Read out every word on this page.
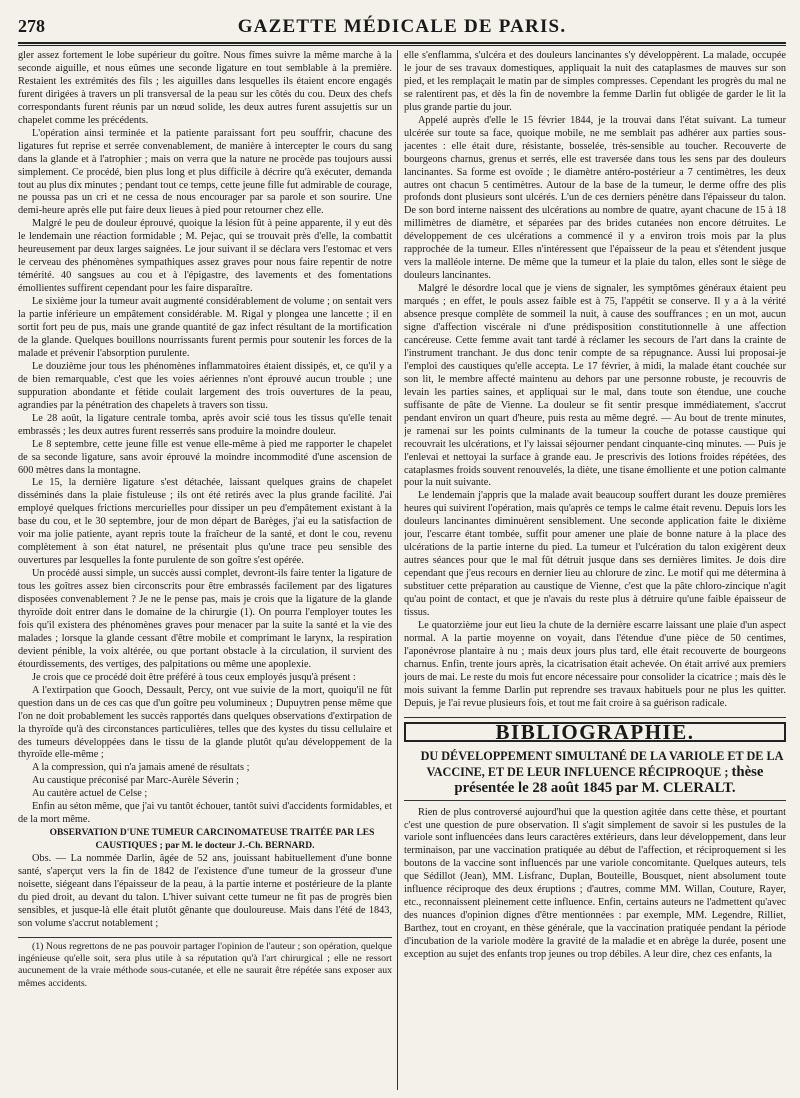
278	GAZETTE MÉDICALE DE PARIS.

gler assez fortement le lobe supérieur du goître. Nous fîmes suivre la même marche à la seconde aiguille, et nous eûmes une seconde ligature en tout semblable à la première. Restaient les extrémités des fils ; les aiguilles dans lesquelles ils étaient encore engagés furent dirigées à travers un pli transversal de la peau sur les côtés du cou. Deux des chefs correspondants furent réunis par un nœud solide, les deux autres furent assujettis sur un chapelet comme les précédents.

L'opération ainsi terminée et la patiente paraissant fort peu souffrir, chacune des ligatures fut reprise et serrée convenablement, de manière à intercepter le cours du sang dans la glande et à l'atrophier ; mais on verra que la nature ne procède pas toujours aussi simplement. Ce procédé, bien plus long et plus difficile à décrire qu'à exécuter, demanda tout au plus dix minutes ; pendant tout ce temps, cette jeune fille fut admirable de courage, ne poussa pas un cri et ne cessa de nous encourager par sa parole et son sourire. Une demi-heure après elle put faire deux lieues à pied pour retourner chez elle.

Malgré le peu de douleur éprouvé, quoique la lésion fût à peine apparente, il y eut dès le lendemain une réaction formidable ; M. Pejac, qui se trouvait près d'elle, la combattit heureusement par deux larges saignées. Le jour suivant il se déclara vers l'estomac et vers le cerveau des phénomènes sympathiques assez graves pour nous faire repentir de notre témérité. 40 sangsues au cou et à l'épigastre, des lavements et des fomentations émollientes suffirent cependant pour les faire disparaître.

Le sixième jour la tumeur avait augmenté considérablement de volume ; on sentait vers la partie inférieure un empâtement considérable. M. Rigal y plongea une lancette ; il en sortit fort peu de pus, mais une grande quantité de gaz infect résultant de la mortification de la glande. Quelques bouillons nourrissants furent permis pour soutenir les forces de la malade et prévenir l'absorption purulente.

Le douzième jour tous les phénomènes inflammatoires étaient dissipés, et, ce qu'il y a de bien remarquable, c'est que les voies aériennes n'ont éprouvé aucun trouble ; une suppuration abondante et fétide coulait largement des trois ouvertures de la peau, agrandies par la pénétration des chapelets à travers son tissu.

Le 28 août, la ligature centrale tomba, après avoir scié tous les tissus qu'elle tenait embrassés ; les deux autres furent resserrés sans produire la moindre douleur.

Le 8 septembre, cette jeune fille est venue elle-même à pied me rapporter le chapelet de sa seconde ligature, sans avoir éprouvé la moindre incommodité d'une ascension de 600 mètres dans la montagne.

Le 15, la dernière ligature s'est détachée, laissant quelques grains de chapelet disséminés dans la plaie fistuleuse ; ils ont été retirés avec la plus grande facilité. J'ai employé quelques frictions mercurielles pour dissiper un peu d'empâtement existant à la base du cou, et le 30 septembre, jour de mon départ de Barèges, j'ai eu la satisfaction de voir ma jolie patiente, ayant repris toute la fraîcheur de la santé, et dont le cou, revenu complètement à son état naturel, ne présentait plus qu'une trace peu sensible des ouvertures par lesquelles la fonte purulente de son goître s'est opérée.

Un procédé aussi simple, un succès aussi complet, devront-ils faire tenter la ligature de tous les goîtres assez bien circonscrits pour être embrassés facilement par des ligatures disposées convenablement ? Je ne le pense pas, mais je crois que la ligature de la glande thyroïde doit entrer dans le domaine de la chirurgie (1). On pourra l'employer toutes les fois qu'il existera des phénomènes graves pour menacer par la suite la santé et la vie des malades ; lorsque la glande cessant d'être mobile et comprimant le larynx, la respiration devient pénible, la voix altérée, ou que portant obstacle à la circulation, il survient des étourdissements, des vertiges, des palpitations ou même une apoplexie.

Je crois que ce procédé doit être préféré à tous ceux employés jusqu'à présent :

A l'extirpation que Gooch, Dessault, Percy, ont vue suivie de la mort, quoiqu'il ne fût question dans un de ces cas que d'un goître peu volumineux ; Dupuytren pense même que l'on ne doit probablement les succès rapportés dans quelques observations d'extirpation de la thyroïde qu'à des circonstances particulières, telles que des kystes du tissu cellulaire et des tumeurs développées dans le tissu de la glande plutôt qu'au développement de la thyroïde elle-même ;

A la compression, qui n'a jamais amené de résultats ;

Au caustique préconisé par Marc-Aurèle Séverin ;

Au cautère actuel de Celse ;

Enfin au séton même, que j'ai vu tantôt échouer, tantôt suivi d'accidents formidables, et de la mort même.

OBSERVATION D'UNE TUMEUR CARCINOMATEUSE TRAITÉE PAR LES CAUSTIQUES ; par M. le docteur J.-Ch. BERNARD.

Obs. — La nommée Darlin, âgée de 52 ans, jouissant habituellement d'une bonne santé, s'aperçut vers la fin de 1842 de l'existence d'une tumeur de la grosseur d'une noisette, siégeant dans l'épaisseur de la peau, à la partie interne et postérieure de la plante du pied droit, au devant du talon. L'hiver suivant cette tumeur ne fit pas de progrès bien sensibles, et jusque-là elle était plutôt gênante que douloureuse. Mais dans l'été de 1843, son volume s'accrut notablement ;

(1) Nous regrettons de ne pas pouvoir partager l'opinion de l'auteur ; son opération, quelque ingénieuse qu'elle soit, sera plus utile à sa réputation qu'à l'art chirurgical ; elle ne ressort aucunement de la vraie méthode sous-cutanée, et elle ne saurait être répétée sans exposer aux mêmes accidents.

elle s'enflamma, s'ulcéra et des douleurs lancinantes s'y développèrent. La malade, occupée le jour de ses travaux domestiques, appliquait la nuit des cataplasmes de mauves sur son pied, et les remplaçait le matin par de simples compresses. Cependant les progrès du mal ne se ralentirent pas, et dès la fin de novembre la femme Darlin fut obligée de garder le lit la plus grande partie du jour.

Appelé auprès d'elle le 15 février 1844, je la trouvai dans l'état suivant. La tumeur ulcérée sur toute sa face, quoique mobile, ne me semblait pas adhérer aux parties sous-jacentes : elle était dure, résistante, bosselée, très-sensible au toucher. Recouverte de bourgeons charnus, grenus et serrés, elle est traversée dans tous les sens par des douleurs lancinantes. Sa forme est ovoïde ; le diamètre antéro-postérieur a 7 centimètres, les deux autres ont chacun 5 centimètres. Autour de la base de la tumeur, le derme offre des plis profonds dont plusieurs sont ulcérés. L'un de ces derniers pénètre dans l'épaisseur du talon. De son bord interne naissent des ulcérations au nombre de quatre, ayant chacune de 15 à 18 millimètres de diamètre, et séparées par des brides cutanées non encore détruites. Le développement de ces ulcérations a commencé il y a environ trois mois par la plus rapprochée de la tumeur. Elles n'intéressent que l'épaisseur de la peau et s'étendent jusque vers la malléole interne. De même que la tumeur et la plaie du talon, elles sont le siège de douleurs lancinantes.

Malgré le désordre local que je viens de signaler, les symptômes généraux étaient peu marqués ; en effet, le pouls assez faible est à 75, l'appétit se conserve. Il y a à la vérité absence presque complète de sommeil la nuit, à cause des souffrances ; en un mot, aucun signe d'affection viscérale ni d'une prédisposition constitutionnelle à une affection cancéreuse. Cette femme avait tant tardé à réclamer les secours de l'art dans la crainte de l'instrument tranchant. Je dus donc tenir compte de sa répugnance. Aussi lui proposai-je l'emploi des caustiques qu'elle accepta. Le 17 février, à midi, la malade étant couchée sur son lit, le membre affecté maintenu au dehors par une personne robuste, je recouvris de levain les parties saines, et appliquai sur le mal, dans toute son étendue, une couche suffisante de pâte de Vienne. La douleur se fit sentir presque immédiatement, s'accrut pendant environ un quart d'heure, puis resta au même degré. — Au bout de trente minutes, je ramenai sur les points culminants de la tumeur la couche de potasse caustique qui recouvrait les ulcérations, et l'y laissai séjourner pendant cinquante-cinq minutes. — Puis je l'enlevai et nettoyai la surface à grande eau. Je prescrivis des lotions froides répétées, des cataplasmes froids souvent renouvelés, la diète, une tisane émolliente et une potion calmante pour la nuit suivante.

Le lendemain j'appris que la malade avait beaucoup souffert durant les douze premières heures qui suivirent l'opération, mais qu'après ce temps le calme était revenu. Depuis lors les douleurs lancinantes diminuèrent sensiblement. Une seconde application faite le dixième jour, l'escarre étant tombée, suffit pour amener une plaie de bonne nature à la place des ulcérations de la partie interne du pied. La tumeur et l'ulcération du talon exigèrent deux autres séances pour que le mal fût détruit jusque dans ses dernières limites. Je dois dire cependant que j'eus recours en dernier lieu au chlorure de zinc. Le motif qui me détermina à substituer cette préparation au caustique de Vienne, c'est que la pâte chloro-zincique n'agit qu'au point de contact, et que je n'avais du reste plus à détruire qu'une faible épaisseur de tissus.

Le quatorzième jour eut lieu la chute de la dernière escarre laissant une plaie d'un aspect normal. A la partie moyenne on voyait, dans l'étendue d'une pièce de 50 centimes, l'aponévrose plantaire à nu ; mais deux jours plus tard, elle était recouverte de bourgeons charnus. Enfin, trente jours après, la cicatrisation était achevée. On était arrivé aux premiers jours de mai. Le reste du mois fut encore nécessaire pour consolider la cicatrice ; mais dès le mois suivant la femme Darlin put reprendre ses travaux habituels pour ne plus les quitter. Depuis, je l'ai revue plusieurs fois, et tout me fait croire à sa guérison radicale.

BIBLIOGRAPHIE.

DU DÉVELOPPEMENT SIMULTANÉ DE LA VARIOLE ET DE LA VACCINE, ET DE LEUR INFLUENCE RÉCIPROQUE ; thèse présentée le 28 août 1845 par M. CLERALT.

Rien de plus controversé aujourd'hui que la question agitée dans cette thèse, et pourtant c'est une question de pure observation. Il s'agit simplement de savoir si les pustules de la variole sont influencées dans leurs caractères extérieurs, dans leur développement, dans leur terminaison, par une vaccination pratiquée au début de l'affection, et réciproquement si les boutons de la vaccine sont influencés par une variole concomitante. Quelques auteurs, tels que Sédillot (Jean), MM. Lisfranc, Duplan, Bouteille, Bousquet, nient absolument toute influence réciproque des deux éruptions ; d'autres, comme MM. Willan, Couture, Rayer, etc., reconnaissent pleinement cette influence. Enfin, certains auteurs ne l'admettent qu'avec des nuances d'opinion dignes d'être mentionnées : par exemple, MM. Legendre, Rilliet, Barthez, tout en croyant, en thèse générale, que la vaccination pratiquée pendant la période d'incubation de la variole modère la gravité de la maladie et en abrège la durée, posent une exception au sujet des enfants trop jeunes ou trop débiles. A leur dire, chez ces enfants, la
